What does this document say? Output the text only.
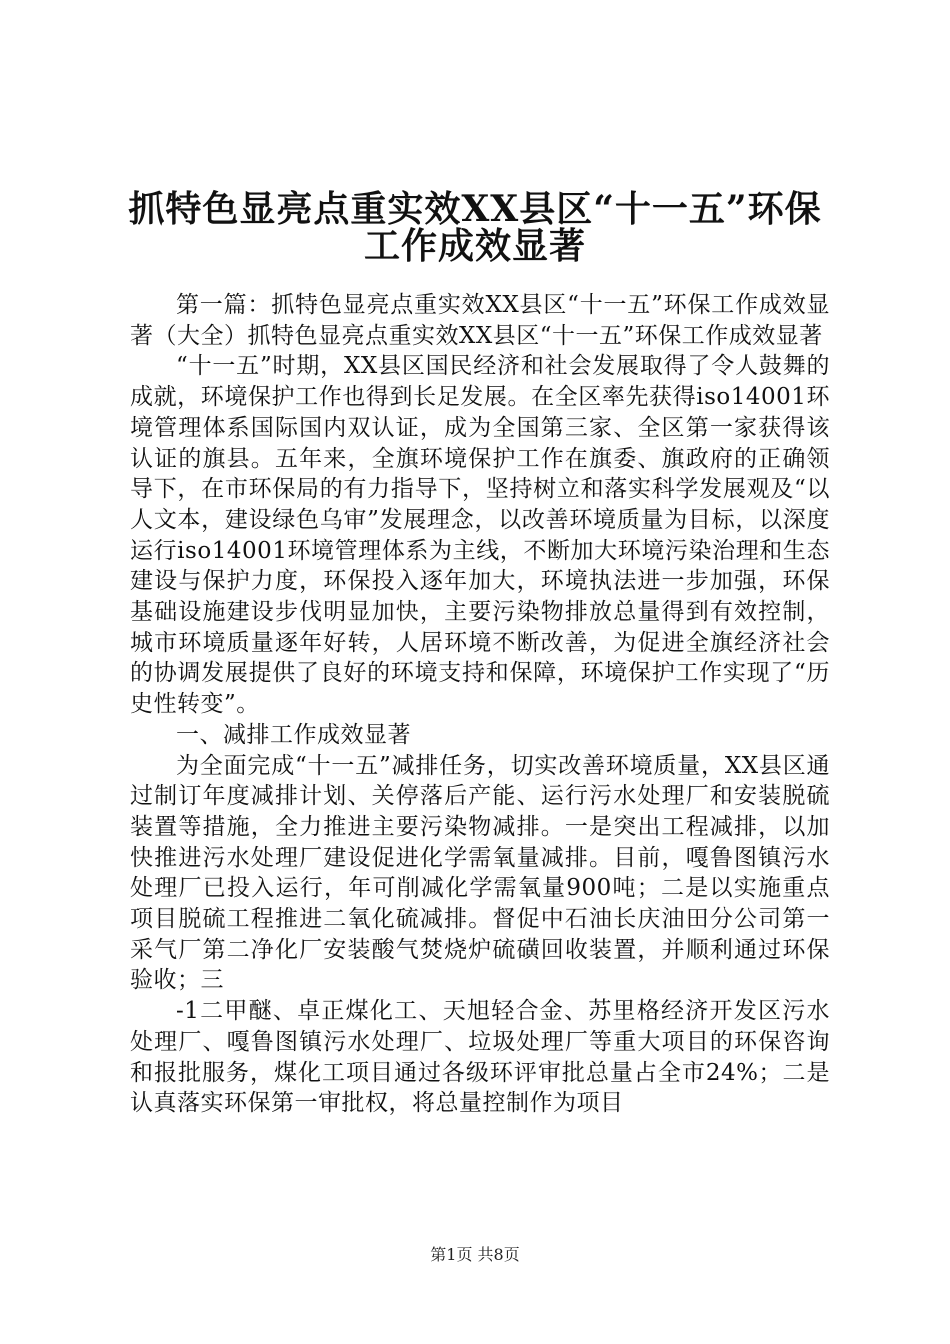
抓特色显亮点重实效XX县区“十一五”环保
工作成效显著

第一篇：抓特色显亮点重实效XX县区“十一五”环保工作成效显著（大全）抓特色显亮点重实效XX县区“十一五”环保工作成效显著

“十一五”时期，XX县区国民经济和社会发展取得了令人鼓舞的成就，环境保护工作也得到长足发展。在全区率先获得iso14001环境管理体系国际国内双认证，成为全国第三家、全区第一家获得该认证的旗县。五年来，全旗环境保护工作在旗委、旗政府的正确领导下，在市环保局的有力指导下，坚持树立和落实科学发展观及“以人文本，建设绿色乌审”发展理念，以改善环境质量为目标，以深度运行iso14001环境管理体系为主线，不断加大环境污染治理和生态建设与保护力度，环保投入逐年加大，环境执法进一步加强，环保基础设施建设步伐明显加快，主要污染物排放总量得到有效控制，城市环境质量逐年好转，人居环境不断改善，为促进全旗经济社会的协调发展提供了良好的环境支持和保障，环境保护工作实现了“历史性转变”。

一、减排工作成效显著

为全面完成“十一五”减排任务，切实改善环境质量，XX县区通过制订年度减排计划、关停落后产能、运行污水处理厂和安装脱硫装置等措施，全力推进主要污染物减排。一是突出工程减排，以加快推进污水处理厂建设促进化学需氧量减排。目前，嘎鲁图镇污水处理厂已投入运行，年可削减化学需氧量900吨；二是以实施重点项目脱硫工程推进二氧化硫减排。督促中石油长庆油田分公司第一采气厂第二净化厂安装酸气焚烧炉硫磺回收装置，并顺利通过环保验收；三

-1二甲醚、卓正煤化工、天旭轻合金、苏里格经济开发区污水处理厂、嘎鲁图镇污水处理厂、垃圾处理厂等重大项目的环保咨询和报批服务，煤化工项目通过各级环评审批总量占全市24%；二是认真落实环保第一审批权，将总量控制作为项目

第1页 共8页
